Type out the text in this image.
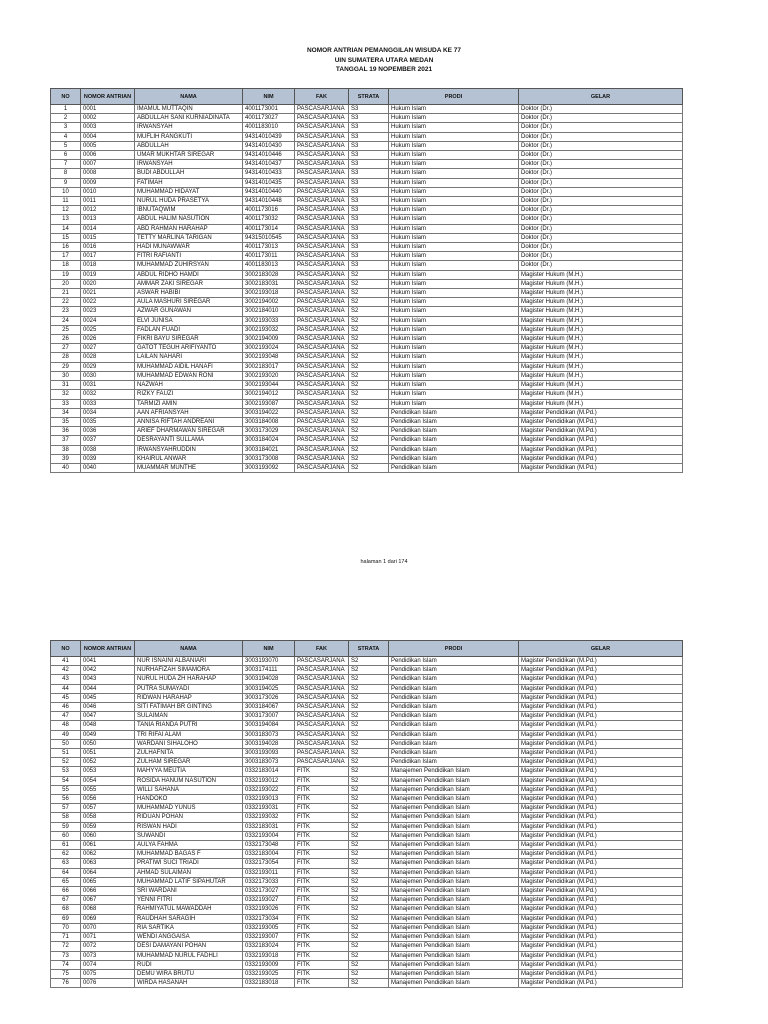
NOMOR ANTRIAN PEMANGGILAN WISUDA KE 77
UIN SUMATERA UTARA MEDAN
TANGGAL 19 NOPEMBER 2021
NO	NOMOR ANTRIAN	NAMA	NIM	FAK	STRATA	PRODI	GELAR
1	0001	IMAMUL MUTTAQIN	4001173001	PASCASARJANA	S3	Hukum Islam	Doktor (Dr.)
2	0002	ABDULLAH SANI KURNIADINATA	4001173027	PASCASARJANA	S3	Hukum Islam	Doktor (Dr.)
3	0003	IRWANSYAH	4001183010	PASCASARJANA	S3	Hukum Islam	Doktor (Dr.)
4	0004	MUFLIH RANGKUTI	94314010439	PASCASARJANA	S3	Hukum Islam	Doktor (Dr.)
5	0005	ABDULLAH	94314010430	PASCASARJANA	S3	Hukum Islam	Doktor (Dr.)
6	0006	UMAR MUKHTAR SIREGAR	94314010446	PASCASARJANA	S3	Hukum Islam	Doktor (Dr.)
7	0007	IRWANSYAH	94314010437	PASCASARJANA	S3	Hukum Islam	Doktor (Dr.)
8	0008	BUDI ABDULLAH	94314010433	PASCASARJANA	S3	Hukum Islam	Doktor (Dr.)
9	0009	FATIMAH	94314010435	PASCASARJANA	S3	Hukum Islam	Doktor (Dr.)
10	0010	MUHAMMAD HIDAYAT	94314010440	PASCASARJANA	S3	Hukum Islam	Doktor (Dr.)
11	0011	NURUL HUDA PRASETYA	94314010448	PASCASARJANA	S3	Hukum Islam	Doktor (Dr.)
12	0012	IBNUTAQWIM	4001173016	PASCASARJANA	S3	Hukum Islam	Doktor (Dr.)
13	0013	ABDUL HALIM NASUTION	4001173032	PASCASARJANA	S3	Hukum Islam	Doktor (Dr.)
14	0014	ABD RAHMAN HARAHAP	4001173014	PASCASARJANA	S3	Hukum Islam	Doktor (Dr.)
15	0015	TETTY MARLINA TARIGAN	94315010545	PASCASARJANA	S3	Hukum Islam	Doktor (Dr.)
16	0016	HADI MUNAWWAR	4001173013	PASCASARJANA	S3	Hukum Islam	Doktor (Dr.)
17	0017	FITRI RAFIANTI	4001173011	PASCASARJANA	S3	Hukum Islam	Doktor (Dr.)
18	0018	MUHAMMAD ZUHIRSYAN	4001183013	PASCASARJANA	S3	Hukum Islam	Doktor (Dr.)
19	0019	ABDUL RIDHO HAMDI	3002183028	PASCASARJANA	S2	Hukum Islam	Magister Hukum (M.H.)
20	0020	AMMAR ZAKI SIREGAR	3002183031	PASCASARJANA	S2	Hukum Islam	Magister Hukum (M.H.)
21	0021	ASWAR HABIBI	3002193018	PASCASARJANA	S2	Hukum Islam	Magister Hukum (M.H.)
22	0022	AULA MASHURI SIREGAR	3002194002	PASCASARJANA	S2	Hukum Islam	Magister Hukum (M.H.)
23	0023	AZWAR GUNAWAN	3002184010	PASCASARJANA	S2	Hukum Islam	Magister Hukum (M.H.)
24	0024	ELVI JUNISA	3002193033	PASCASARJANA	S2	Hukum Islam	Magister Hukum (M.H.)
25	0025	FADLAN FUADI	3002193032	PASCASARJANA	S2	Hukum Islam	Magister Hukum (M.H.)
26	0026	FIKRI BAYU SIREGAR	3002194009	PASCASARJANA	S2	Hukum Islam	Magister Hukum (M.H.)
27	0027	GATOT TEGUH ARIFIYANTO	3002193024	PASCASARJANA	S2	Hukum Islam	Magister Hukum (M.H.)
28	0028	LAILAN NAHARI	3002193048	PASCASARJANA	S2	Hukum Islam	Magister Hukum (M.H.)
29	0029	MUHAMMAD AIDIL HANAFI	3002183017	PASCASARJANA	S2	Hukum Islam	Magister Hukum (M.H.)
30	0030	MUHAMMAD EDWAN RONI	3002193020	PASCASARJANA	S2	Hukum Islam	Magister Hukum (M.H.)
31	0031	NAZWAH	3002193044	PASCASARJANA	S2	Hukum Islam	Magister Hukum (M.H.)
32	0032	RIZKY FAUZI	3002194012	PASCASARJANA	S2	Hukum Islam	Magister Hukum (M.H.)
33	0033	TARMIZI AMIN	3002193087	PASCASARJANA	S2	Hukum Islam	Magister Hukum (M.H.)
34	0034	AAN AFRIANSYAH	3003194022	PASCASARJANA	S2	Pendidikan Islam	Magister Pendidikan (M.Pd.)
35	0035	ANNISA RIFTAH ANDREANI	3003184008	PASCASARJANA	S2	Pendidikan Islam	Magister Pendidikan (M.Pd.)
36	0036	ARIEF DHARMAWAN SIREGAR	3003173029	PASCASARJANA	S2	Pendidikan Islam	Magister Pendidikan (M.Pd.)
37	0037	DESRAYANTI SULLAMA	3003184024	PASCASARJANA	S2	Pendidikan Islam	Magister Pendidikan (M.Pd.)
38	0038	IRWANSYAHRUDDIN	3003184021	PASCASARJANA	S2	Pendidikan Islam	Magister Pendidikan (M.Pd.)
39	0039	KHAIRUL ANWAR	3003173008	PASCASARJANA	S2	Pendidikan Islam	Magister Pendidikan (M.Pd.)
40	0040	MUAMMAR MUNTHE	3003193092	PASCASARJANA	S2	Pendidikan Islam	Magister Pendidikan (M.Pd.)
halaman 1 dari 174
NO	NOMOR ANTRIAN	NAMA	NIM	FAK	STRATA	PRODI	GELAR
41	0041	NUR ISNAINI ALBANIARI	3003193070	PASCASARJANA	S2	Pendidikan Islam	Magister Pendidikan (M.Pd.)
42	0042	NURHAFIZAH SIMAMORA	3003174111	PASCASARJANA	S2	Pendidikan Islam	Magister Pendidikan (M.Pd.)
43	0043	NURUL HUDA ZH HARAHAP	3003194028	PASCASARJANA	S2	Pendidikan Islam	Magister Pendidikan (M.Pd.)
44	0044	PUTRA SUMAYADI	3003194025	PASCASARJANA	S2	Pendidikan Islam	Magister Pendidikan (M.Pd.)
45	0045	RIDWAN HARAHAP	3003173026	PASCASARJANA	S2	Pendidikan Islam	Magister Pendidikan (M.Pd.)
46	0046	SITI FATIMAH BR GINTING	3003184067	PASCASARJANA	S2	Pendidikan Islam	Magister Pendidikan (M.Pd.)
47	0047	SULAIMAN	3003173007	PASCASARJANA	S2	Pendidikan Islam	Magister Pendidikan (M.Pd.)
48	0048	TANIA RIANDA PUTRI	3003194084	PASCASARJANA	S2	Pendidikan Islam	Magister Pendidikan (M.Pd.)
49	0049	TRI RIFAI ALAM	3003183073	PASCASARJANA	S2	Pendidikan Islam	Magister Pendidikan (M.Pd.)
50	0050	WARDANI SIHALOHO	3003194028	PASCASARJANA	S2	Pendidikan Islam	Magister Pendidikan (M.Pd.)
51	0051	ZULHAFNITA	3003193093	PASCASARJANA	S2	Pendidikan Islam	Magister Pendidikan (M.Pd.)
52	0052	ZULHAM SIREGAR	3003183073	PASCASARJANA	S2	Pendidikan Islam	Magister Pendidikan (M.Pd.)
53	0053	MAHYYA MEUTIA	0332183014	FITK	S2	Manajemen Pendidikan Islam	Magister Pendidikan (M.Pd.)
54	0054	ROSIDA HANUM NASUTION	0332193012	FITK	S2	Manajemen Pendidikan Islam	Magister Pendidikan (M.Pd.)
55	0055	WILLI SAHANA	0332193022	FITK	S2	Manajemen Pendidikan Islam	Magister Pendidikan (M.Pd.)
56	0056	HANDOKO	0332193013	FITK	S2	Manajemen Pendidikan Islam	Magister Pendidikan (M.Pd.)
57	0057	MUHAMMAD YUNUS	0332193031	FITK	S2	Manajemen Pendidikan Islam	Magister Pendidikan (M.Pd.)
58	0058	RIDUAN POHAN	0332193032	FITK	S2	Manajemen Pendidikan Islam	Magister Pendidikan (M.Pd.)
59	0059	RISWAN HADI	0332183031	FITK	S2	Manajemen Pendidikan Islam	Magister Pendidikan (M.Pd.)
60	0060	SUWANDI	0332193004	FITK	S2	Manajemen Pendidikan Islam	Magister Pendidikan (M.Pd.)
61	0061	AULYA FAHMA	0332173048	FITK	S2	Manajemen Pendidikan Islam	Magister Pendidikan (M.Pd.)
62	0062	MUHAMMAD BAGAS F	0332183004	FITK	S2	Manajemen Pendidikan Islam	Magister Pendidikan (M.Pd.)
63	0063	PRATIWI SUCI TRIADI	0332173054	FITK	S2	Manajemen Pendidikan Islam	Magister Pendidikan (M.Pd.)
64	0064	AHMAD SULAIMAN	0332193011	FITK	S2	Manajemen Pendidikan Islam	Magister Pendidikan (M.Pd.)
65	0065	MUHAMMAD LATIF SIPAHUTAR	0332173033	FITK	S2	Manajemen Pendidikan Islam	Magister Pendidikan (M.Pd.)
66	0066	SRI WARDANI	0332173027	FITK	S2	Manajemen Pendidikan Islam	Magister Pendidikan (M.Pd.)
67	0067	YENNI FITRI	0332193027	FITK	S2	Manajemen Pendidikan Islam	Magister Pendidikan (M.Pd.)
68	0068	RAHMIYATUL MAWADDAH	0332193026	FITK	S2	Manajemen Pendidikan Islam	Magister Pendidikan (M.Pd.)
69	0069	RAUDHAH SARAGIH	0332173034	FITK	S2	Manajemen Pendidikan Islam	Magister Pendidikan (M.Pd.)
70	0070	RIA SARTIKA	0332193005	FITK	S2	Manajemen Pendidikan Islam	Magister Pendidikan (M.Pd.)
71	0071	WENDI ANGGAISA	0332193007	FITK	S2	Manajemen Pendidikan Islam	Magister Pendidikan (M.Pd.)
72	0072	DESI DAMAYANI POHAN	0332183024	FITK	S2	Manajemen Pendidikan Islam	Magister Pendidikan (M.Pd.)
73	0073	MUHAMMAD NURUL FADHLI	0332193018	FITK	S2	Manajemen Pendidikan Islam	Magister Pendidikan (M.Pd.)
74	0074	RUDI	0332193009	FITK	S2	Manajemen Pendidikan Islam	Magister Pendidikan (M.Pd.)
75	0075	DEMU WIRA BRUTU	0332193025	FITK	S2	Manajemen Pendidikan Islam	Magister Pendidikan (M.Pd.)
76	0076	WIRDA HASANAH	0332183018	FITK	S2	Manajemen Pendidikan Islam	Magister Pendidikan (M.Pd.)
